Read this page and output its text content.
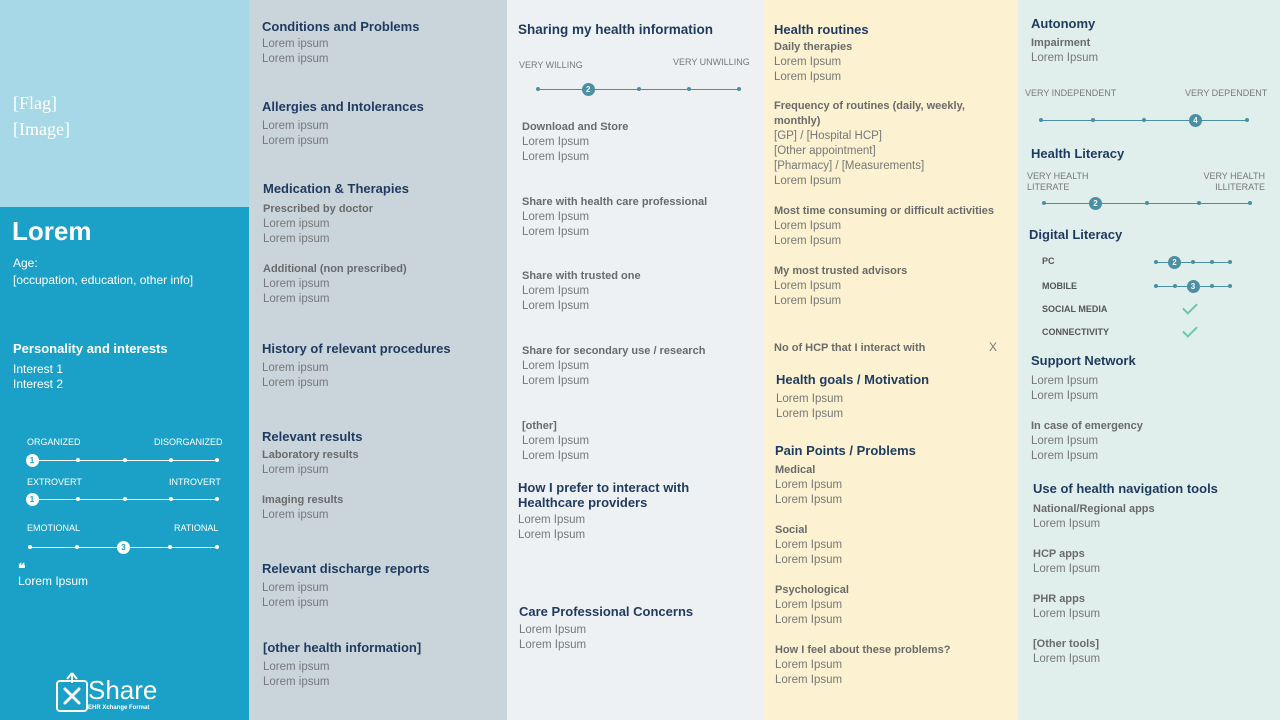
[Flag]
[Image]
Lorem
Age:
[occupation, education, other info]
Personality and interests
Interest 1
Interest 2
ORGANIZED	DISORGANIZED
1
EXTROVERT	INTROVERT
1
EMOTIONAL	RATIONAL
3
❝
Lorem Ipsum
Share
EHR Xchange Format
Conditions and Problems
Lorem ipsum
Lorem ipsum
Allergies and Intolerances
Lorem ipsum
Lorem ipsum
Medication & Therapies
Prescribed by doctor
Lorem ipsum
Lorem ipsum
Additional (non prescribed)
Lorem ipsum
Lorem ipsum
History of relevant procedures
Lorem ipsum
Lorem ipsum
Relevant results
Laboratory results
Lorem ipsum
Imaging results
Lorem ipsum
Relevant discharge reports
Lorem ipsum
Lorem ipsum
[other health information]
Lorem ipsum
Lorem ipsum
Sharing my health information
VERY WILLING	VERY UNWILLING
2
Download and Store
Lorem Ipsum
Lorem Ipsum
Share with health care professional
Lorem Ipsum
Lorem Ipsum
Share with trusted one
Lorem Ipsum
Lorem Ipsum
Share for secondary use / research
Lorem Ipsum
Lorem Ipsum
[other]
Lorem Ipsum
Lorem Ipsum
How I prefer to interact with
Healthcare providers
Lorem Ipsum
Lorem Ipsum
Care Professional Concerns
Lorem Ipsum
Lorem Ipsum
Health routines
Daily therapies
Lorem Ipsum
Lorem Ipsum
Frequency of routines (daily, weekly, monthly)
[GP] / [Hospital HCP]
[Other appointment]
[Pharmacy] / [Measurements]
Lorem Ipsum
Most time consuming or difficult activities
Lorem Ipsum
Lorem Ipsum
My most trusted advisors
Lorem Ipsum
Lorem Ipsum
No of HCP that I interact with	X
Health goals / Motivation
Lorem Ipsum
Lorem Ipsum
Pain Points / Problems
Medical
Lorem Ipsum
Lorem Ipsum
Social
Lorem Ipsum
Lorem Ipsum
Psychological
Lorem Ipsum
Lorem Ipsum
How I feel about these problems?
Lorem Ipsum
Lorem Ipsum
Autonomy
Impairment
Lorem Ipsum
VERY INDEPENDENT	VERY DEPENDENT
4
Health Literacy
VERY HEALTH
LITERATE
VERY HEALTH
ILLITERATE
2
Digital Literacy
PC	2
MOBILE	3
SOCIAL MEDIA
CONNECTIVITY
Support Network
Lorem Ipsum
Lorem Ipsum
In case of emergency
Lorem Ipsum
Lorem Ipsum
Use of health navigation tools
National/Regional apps
Lorem Ipsum
HCP apps
Lorem Ipsum
PHR apps
Lorem Ipsum
[Other tools]
Lorem Ipsum
